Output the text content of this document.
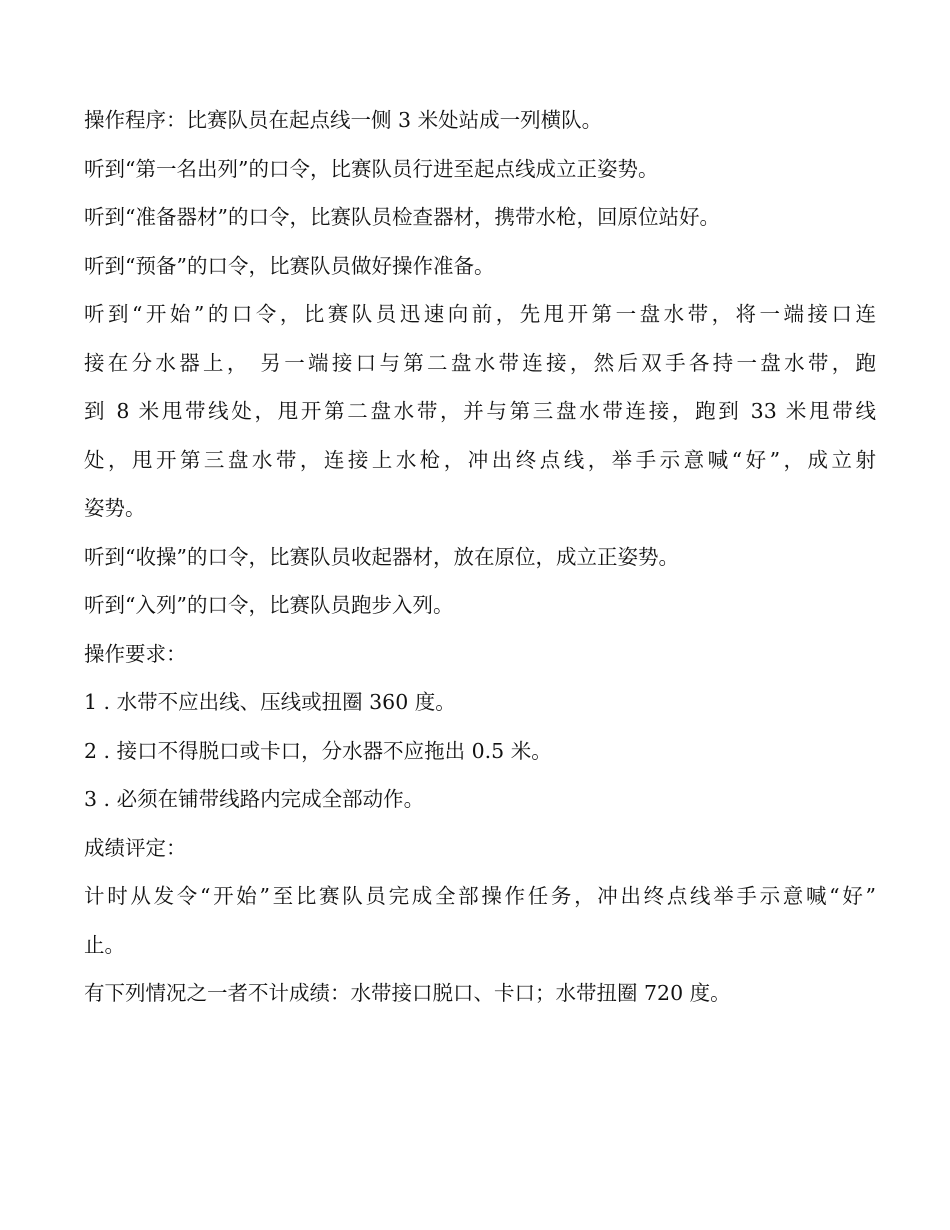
操作程序：比赛队员在起点线一侧 3 米处站成一列横队。
听到“第一名出列”的口令，比赛队员行进至起点线成立正姿势。
听到“准备器材”的口令，比赛队员检查器材，携带水枪，回原位站好。
听到“预备”的口令，比赛队员做好操作准备。
听到“开始”的口令，比赛队员迅速向前，先甩开第一盘水带，将一端接口连
接在分水器上， 另一端接口与第二盘水带连接，然后双手各持一盘水带，跑
到 8 米甩带线处，甩开第二盘水带，并与第三盘水带连接，跑到 33 米甩带线
处，甩开第三盘水带，连接上水枪，冲出终点线，举手示意喊“好”，成立射
姿势。
听到“收操”的口令，比赛队员收起器材，放在原位，成立正姿势。
听到“入列”的口令，比赛队员跑步入列。
操作要求：
1 . 水带不应出线、压线或扭圈 360 度。
2 . 接口不得脱口或卡口，分水器不应拖出 0.5 米。
3 . 必须在铺带线路内完成全部动作。
成绩评定：
计时从发令“开始”至比赛队员完成全部操作任务，冲出终点线举手示意喊“好”
止。
有下列情况之一者不计成绩：水带接口脱口、卡口；水带扭圈 720 度。
